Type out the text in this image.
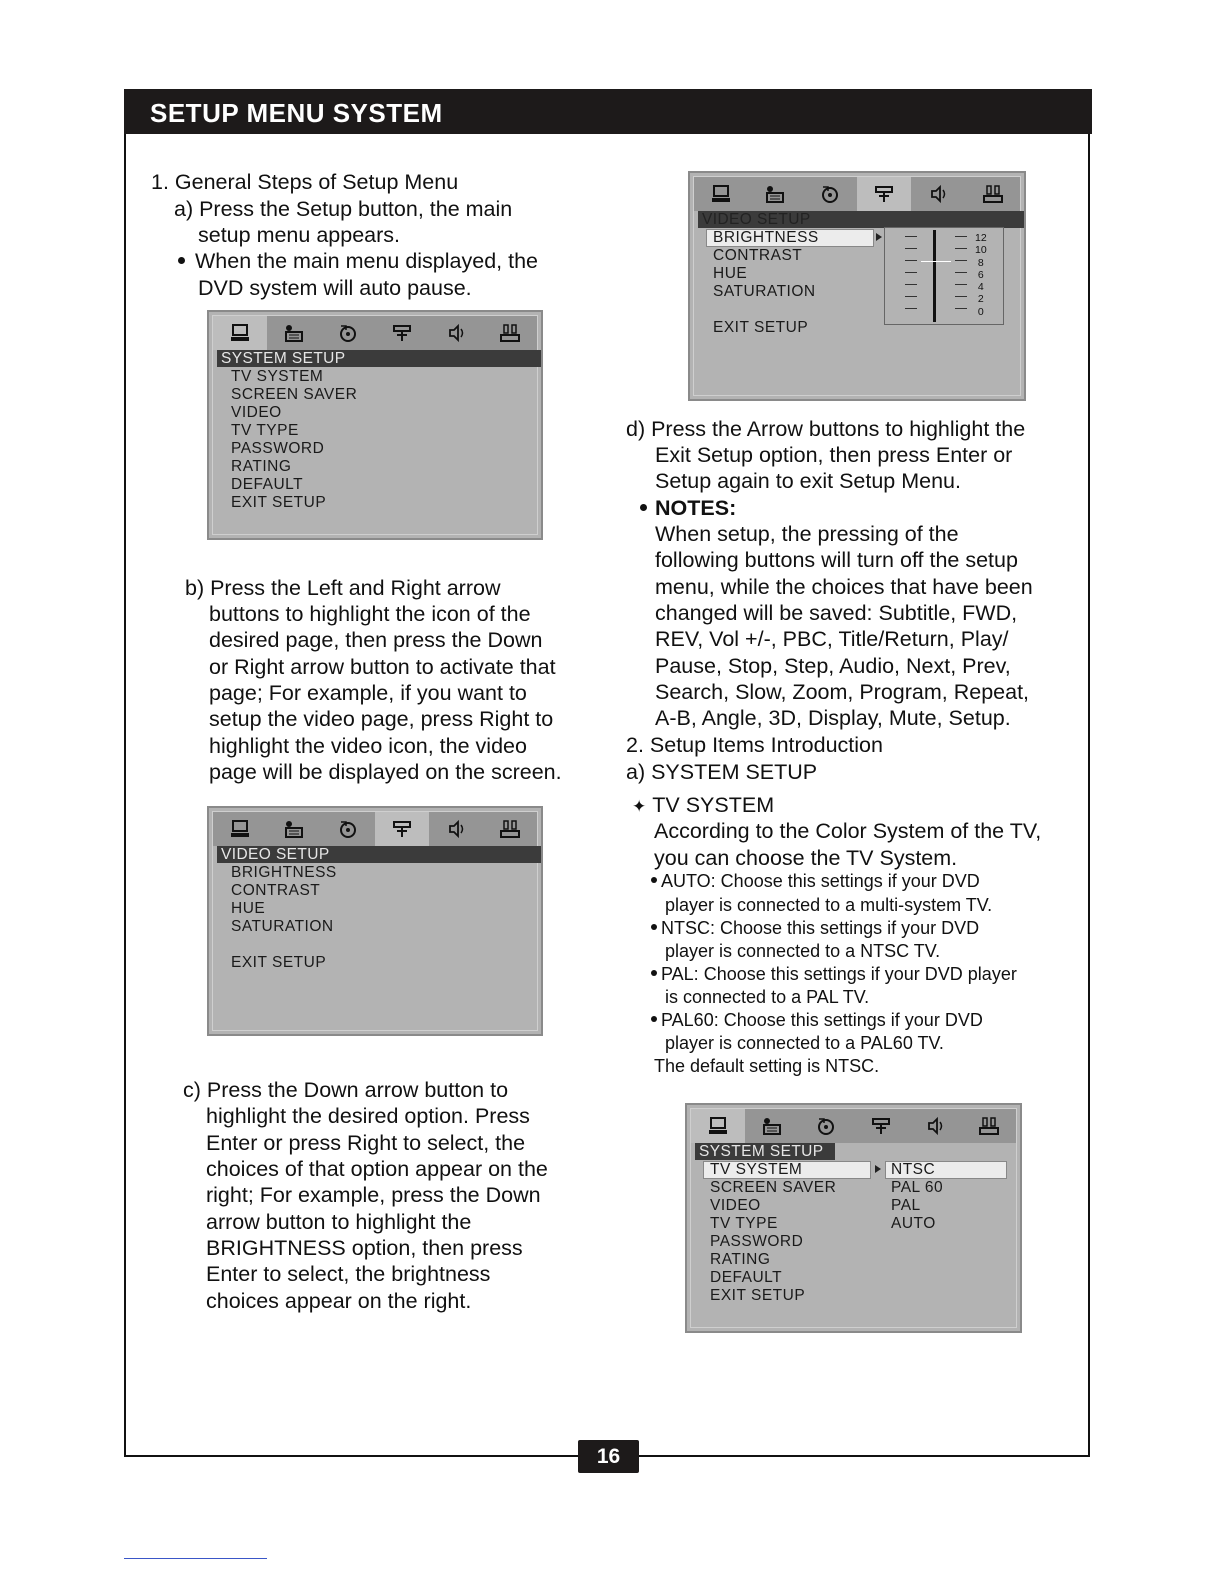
SETUP MENU SYSTEM
1. General Steps of Setup Menu
a) Press the Setup button, the main
setup menu appears.
When the main menu displayed, the
DVD system will auto pause.
SYSTEM SETUP
TV SYSTEM
SCREEN SAVER
VIDEO
TV TYPE
PASSWORD
RATING
DEFAULT
EXIT SETUP
b) Press the Left and Right arrow
buttons to highlight the icon of the
desired page, then press the Down
or Right arrow button to activate that
page; For example, if you want to
setup the video page, press Right to
highlight the video icon, the video
page will be displayed on the screen.
VIDEO SETUP
BRIGHTNESS
CONTRAST
HUE
SATURATION
EXIT SETUP
c) Press the Down arrow button to
highlight the desired option. Press
Enter or press Right to select, the
choices of that option appear on the
right; For example, press the Down
arrow button to highlight the
BRIGHTNESS option, then press
Enter to select, the brightness
choices appear on the right.
VIDEO SETUP
BRIGHTNESS
CONTRAST
HUE
SATURATION
EXIT SETUP
12
10
8
6
4
2
0
d) Press the Arrow buttons to highlight the
Exit Setup option, then press Enter or
Setup again to exit Setup Menu.
NOTES:
When setup, the pressing of the
following buttons will turn off the setup
menu, while the choices that have been
changed will be saved: Subtitle, FWD,
REV, Vol +/-, PBC, Title/Return, Play/
Pause, Stop, Step, Audio, Next, Prev,
Search, Slow, Zoom, Program, Repeat,
A-B, Angle, 3D, Display, Mute, Setup.
2. Setup Items Introduction
a) SYSTEM SETUP
✦ TV SYSTEM
According to the Color System of the TV,
you can choose the TV System.
AUTO: Choose this settings if your DVD
player is connected to a multi-system TV.
NTSC: Choose this settings if your DVD
player is connected to a NTSC TV.
PAL: Choose this settings if your DVD player
is connected to a PAL TV.
PAL60: Choose this settings if your DVD
player is connected to a PAL60 TV.
The default setting is NTSC.
SYSTEM SETUP
TV SYSTEM
SCREEN SAVER
VIDEO
TV TYPE
PASSWORD
RATING
DEFAULT
EXIT SETUP
NTSC
PAL 60
PAL
AUTO
16
